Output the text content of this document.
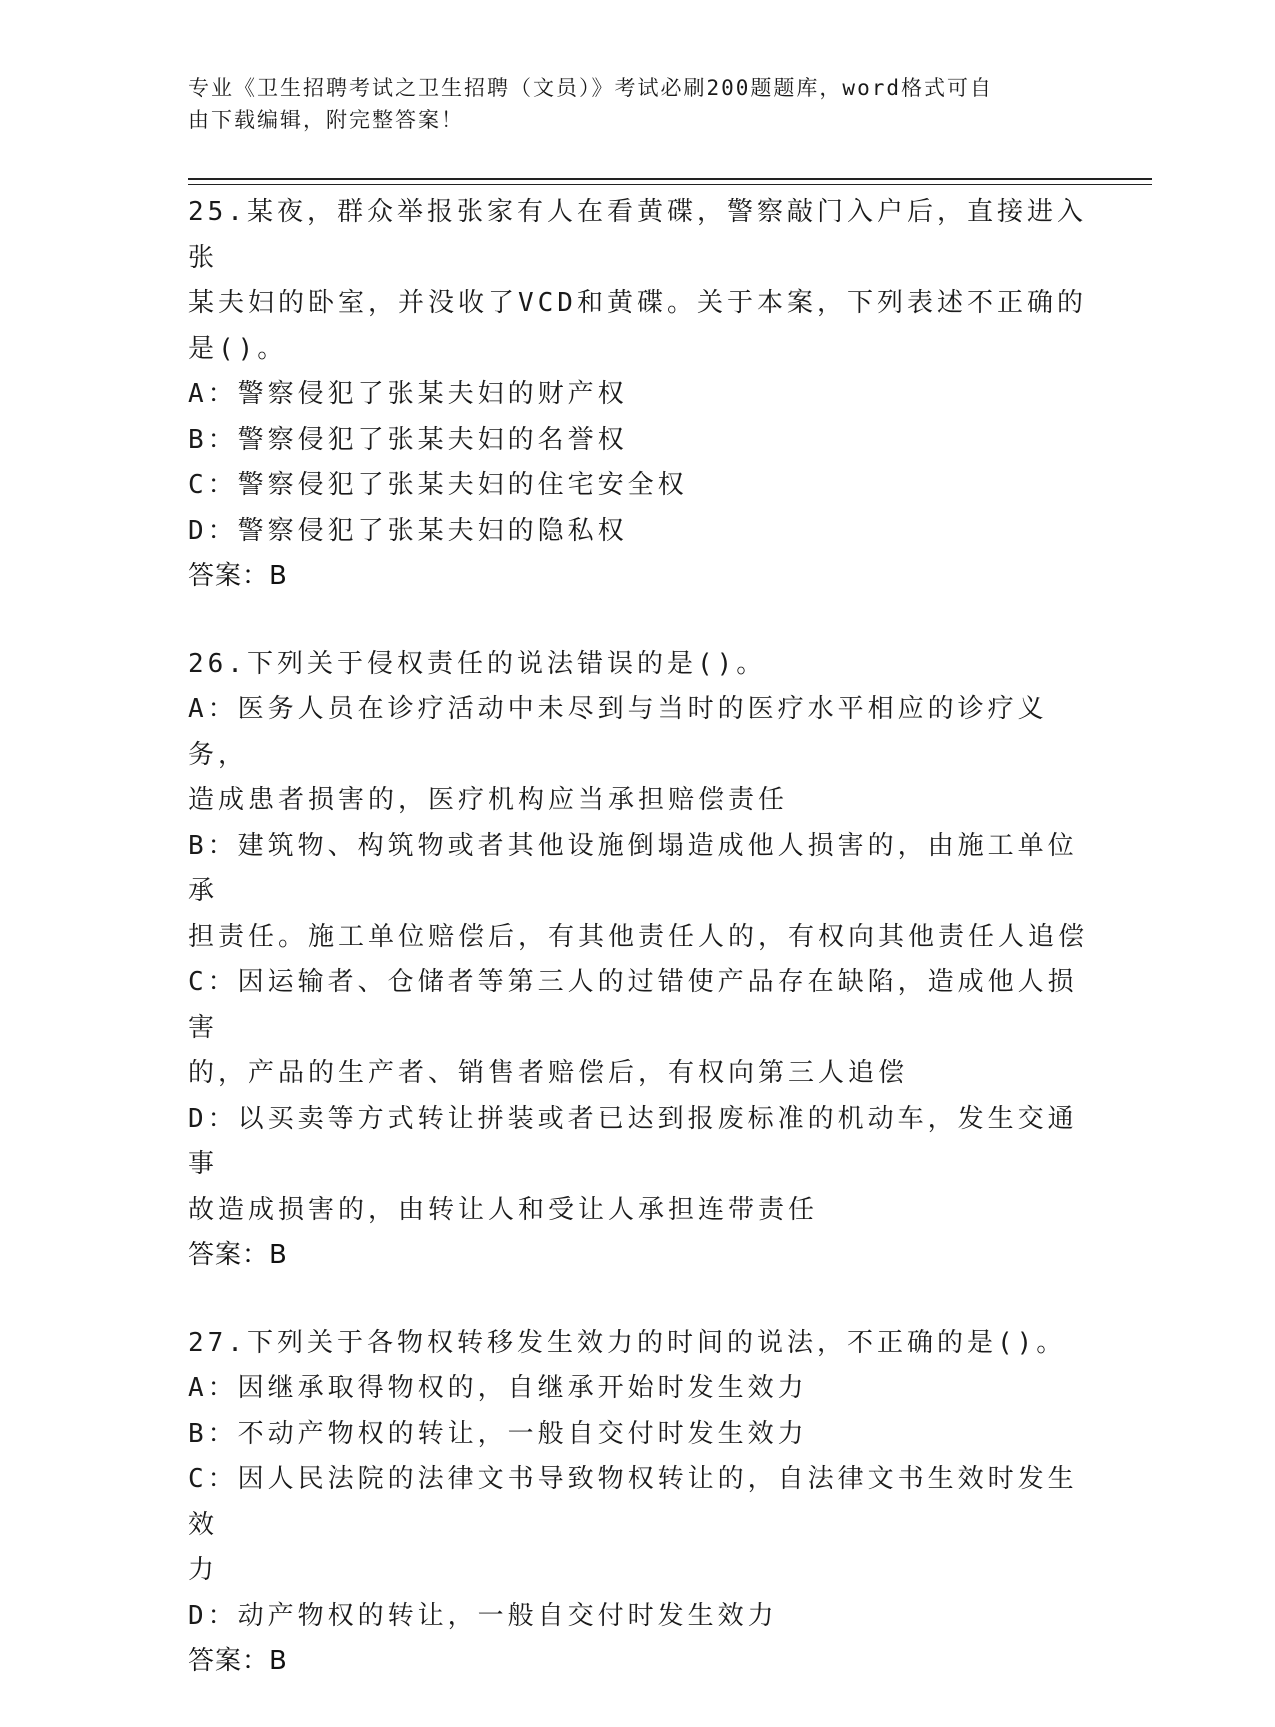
专业《卫生招聘考试之卫生招聘（文员）》考试必刷200题题库，word格式可自
由下载编辑，附完整答案！
25.某夜，群众举报张家有人在看黄碟，警察敲门入户后，直接进入张
某夫妇的卧室，并没收了VCD和黄碟。关于本案，下列表述不正确的
是()。
A：警察侵犯了张某夫妇的财产权
B：警察侵犯了张某夫妇的名誉权
C：警察侵犯了张某夫妇的住宅安全权
D：警察侵犯了张某夫妇的隐私权
答案：B
26.下列关于侵权责任的说法错误的是()。
A：医务人员在诊疗活动中未尽到与当时的医疗水平相应的诊疗义务，
造成患者损害的，医疗机构应当承担赔偿责任
B：建筑物、构筑物或者其他设施倒塌造成他人损害的，由施工单位承
担责任。施工单位赔偿后，有其他责任人的，有权向其他责任人追偿
C：因运输者、仓储者等第三人的过错使产品存在缺陷，造成他人损害
的，产品的生产者、销售者赔偿后，有权向第三人追偿
D：以买卖等方式转让拼装或者已达到报废标准的机动车，发生交通事
故造成损害的，由转让人和受让人承担连带责任
答案：B
27.下列关于各物权转移发生效力的时间的说法，不正确的是()。
A：因继承取得物权的，自继承开始时发生效力
B：不动产物权的转让，一般自交付时发生效力
C：因人民法院的法律文书导致物权转让的，自法律文书生效时发生效
力
D：动产物权的转让，一般自交付时发生效力
答案：B
